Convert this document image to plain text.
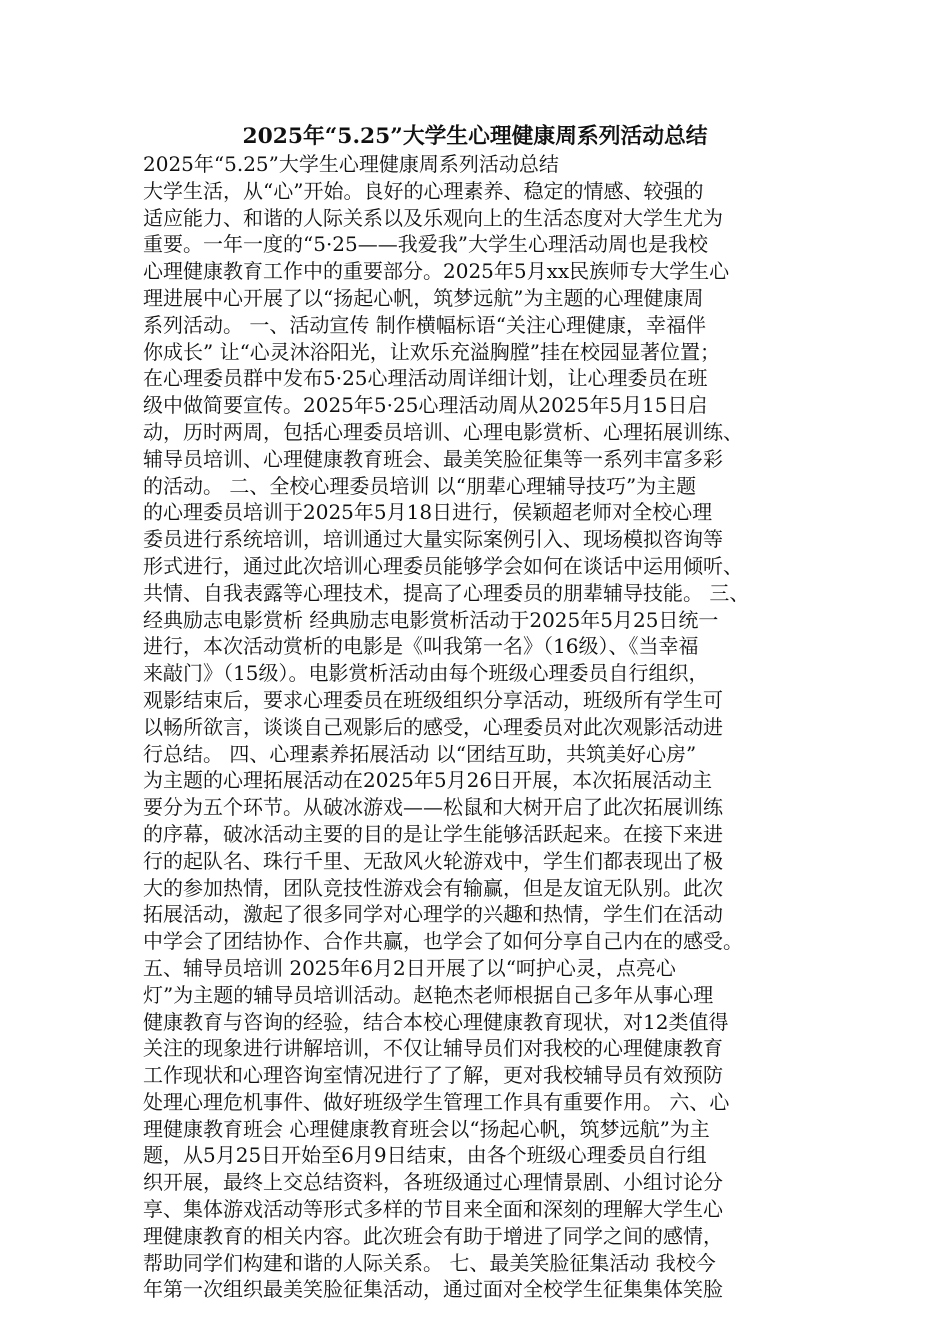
2025年“5.25”大学生心理健康周系列活动总结
2025年“5.25”大学生心理健康周系列活动总结
大学生活，从“心”开始。良好的心理素养、稳定的情感、较强的
适应能力、和谐的人际关系以及乐观向上的生活态度对大学生尤为
重要。一年一度的“5·25——我爱我”大学生心理活动周也是我校
心理健康教育工作中的重要部分。2025年5月xx民族师专大学生心
理进展中心开展了以“扬起心帆，筑梦远航”为主题的心理健康周
系列活动。 一、活动宣传 制作横幅标语“关注心理健康，幸福伴
你成长” 让“心灵沐浴阳光，让欢乐充溢胸膛”挂在校园显著位置；
在心理委员群中发布5·25心理活动周详细计划，让心理委员在班
级中做简要宣传。2025年5·25心理活动周从2025年5月15日启
动，历时两周，包括心理委员培训、心理电影赏析、心理拓展训练、
辅导员培训、心理健康教育班会、最美笑脸征集等一系列丰富多彩
的活动。 二、全校心理委员培训 以“朋辈心理辅导技巧”为主题
的心理委员培训于2025年5月18日进行，侯颖超老师对全校心理
委员进行系统培训，培训通过大量实际案例引入、现场模拟咨询等
形式进行，通过此次培训心理委员能够学会如何在谈话中运用倾听、
共情、自我表露等心理技术，提高了心理委员的朋辈辅导技能。 三、
经典励志电影赏析 经典励志电影赏析活动于2025年5月25日统一
进行，本次活动赏析的电影是《叫我第一名》（16级）、《当幸福
来敲门》（15级）。电影赏析活动由每个班级心理委员自行组织，
观影结束后，要求心理委员在班级组织分享活动，班级所有学生可
以畅所欲言，谈谈自己观影后的感受，心理委员对此次观影活动进
行总结。 四、心理素养拓展活动 以“团结互助，共筑美好心房”
为主题的心理拓展活动在2025年5月26日开展，本次拓展活动主
要分为五个环节。从破冰游戏——松鼠和大树开启了此次拓展训练
的序幕，破冰活动主要的目的是让学生能够活跃起来。在接下来进
行的起队名、珠行千里、无敌风火轮游戏中，学生们都表现出了极
大的参加热情，团队竞技性游戏会有输赢，但是友谊无队别。此次
拓展活动，激起了很多同学对心理学的兴趣和热情，学生们在活动
中学会了团结协作、合作共赢，也学会了如何分享自己内在的感受。
五、辅导员培训 2025年6月2日开展了以“呵护心灵，点亮心
灯”为主题的辅导员培训活动。赵艳杰老师根据自己多年从事心理
健康教育与咨询的经验，结合本校心理健康教育现状，对12类值得
关注的现象进行讲解培训，不仅让辅导员们对我校的心理健康教育
工作现状和心理咨询室情况进行了了解，更对我校辅导员有效预防
处理心理危机事件、做好班级学生管理工作具有重要作用。 六、心
理健康教育班会 心理健康教育班会以“扬起心帆，筑梦远航”为主
题，从5月25日开始至6月9日结束，由各个班级心理委员自行组
织开展，最终上交总结资料，各班级通过心理情景剧、小组讨论分
享、集体游戏活动等形式多样的节目来全面和深刻的理解大学生心
理健康教育的相关内容。此次班会有助于增进了同学之间的感情，
帮助同学们构建和谐的人际关系。 七、最美笑脸征集活动 我校今
年第一次组织最美笑脸征集活动，通过面对全校学生征集集体笑脸
